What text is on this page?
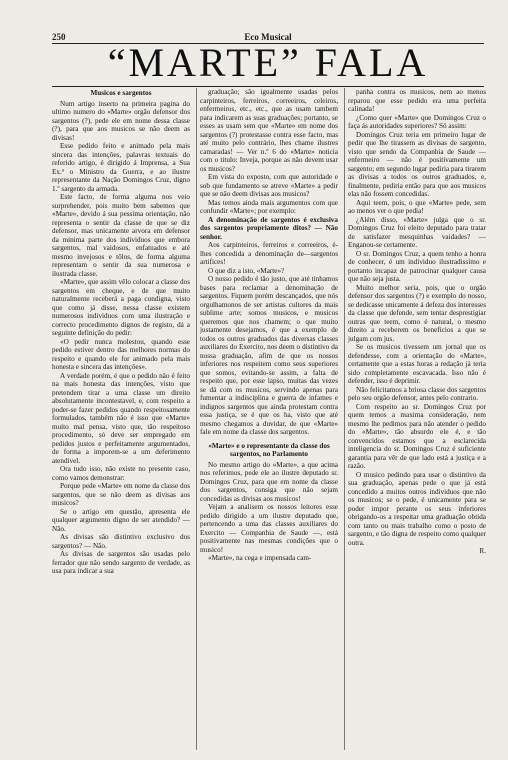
250	Eco Musical
“MARTE” FALA

Musicos e sargentos

Num artigo inserto na primeira pagina do ultimo numero do «Marte» orgão defensor dos sargentos (?), pede ele em nome dessa classe (?), para que aos musicos se não deem as divisas!

Esse pedido feito e animado pela mais sincera das intenções, palavras textuais do referido artigo, é dirigido á Imprensa, a Sua Ex.ª o Ministro da Guerra, e ao ilustre representante da Nação Domingos Cruz, digno 1.º sargento da armada.

Este facto, de forma alguma nos veio surprehender, pois muito bem sabemos que «Marte», devido á sua pessima orientação, não representa o sentir da classe de que se diz defensor, mas unicamente arvora em defensor da minima parte dos individuos que embora sargentos, mal vaidosos, enfatuados e até mesmo invejosos e tôlos, de forma alguma representam o sentir da sua numerosa e ilustrada classe.

«Marte», que assim vêlo colocar a classe dos sargentos em cheque, e de que muito naturalmente receberá a paga condigna, visto que como já disse, nessa classe existem numerosos individuos com uma ilustração e correcto procedimento dignos de registo, dá a seguinte definição do pedir:

«O pedir nunca molestou, quando esse pedido estiver dentro das melhores normas do respeito e quando ele for animado pela mais honesta e sincera das intenções».

A verdade porém, é que o pedido não é feito na mais honesta das intenções, visto que pretendem tirar a uma classe um direito absolutamente incontestavel, e, com respeito a poder-se fazer pedidos quando respeitosamente formulados, também não é isso que «Marte» muito mal pensa, visto que, tão respeitoso procedimento, só deve ser empregado em pedidos justos e perfeitamente argumentados, de forma a imporem-se a um deferimento atendivel.

Ora tudo isso, não existe no presente caso, como vamos demonstrar:

Porque pede «Marte» em nome da classe dos sargentos, que se não deem as divisas aos musicos?

Se o artigo em questão, apresenta ele qualquer argumento digno de ser atendido? — Não.

As divisas são distintivo exclusivo dos sargentos? — Não.

As divisas de sargentos são usadas pelo ferrador que não sendo sargento de verdade, as usa para indicar a sua

graduação; são igualmente usadas pelos carpinteiros, ferreiros, correeiros, celeiros, enfermeiros, etc., etc., que as usam tambem para indicarem as suas graduações; portanto, se esses as usam sem que «Marte» em nome dos sargentos (?) protestasse contra esse facto, mas até muito pelo contrário, lhes chame ilustres camaradas! — Ver n.º 6 do «Marte» noticia com o titulo: Inveja, porque as não devem usar os musicos?

Em vista do exposto, com que autoridade e sob que fundamento se atreve «Marte» a pedir que se não deem divisas aos musicos?

Mas temos ainda mais argumentos com que confundir «Marte»; por exemplo:

A denominação de sargentos é exclusiva dos sargentos propriamente ditos? — Não senhor.

Aos carpinteiros, ferreiros e correeiros, é-lhes concedida a denominação de—sargentos artifices!

O que diz a isto, «Marte»?

O nosso pedido é tão justo, que até tinhamos bases para reclamar a denominação de sargentos. Fiquem porém descançados, que nós orgulhamonos de ser artistas cultores da mais sublime arte; somos musicos, e musicos queremos que nos chamem; o que muito justamente desejamos, é que a exemplo de todos os outros graduados das diversas classes auxiliares do Exercito, nos deem o distintivo da nossa graduação, afim de que os nossos inferiores nos respeitem como seus superiores que somos, evitando-se assim, a falta de respeito que, por esse lapso, muitas das vezes se dá com os musicos, servindo apenas para fumentar a indisciplina e guerra de infames e indignos sargentos que ainda protestam contra essa justiça, se é que os ha, visto que até mesmo chegamos a duvidar, de que «Marte» fale em nome da classe dos sargentos.

«Marte» e o representante da classe dos sargentos, no Parlamento

No mesmo artigo do «Marte», a que acima nos referimos, pede ele ao ilustre deputado sr. Domingos Cruz, para que em nome da classe dos sargentos, consiga que não sejam concedidas as divisas aos musicos!

Vejam a analisem os nossos leitores esse pedido dirigido a um ilustre deputado que, pertencendo a uma das classes auxiliares do Exercito — Companhia de Saude —, está positivamente nas mesmas condições que o musico!

«Marte», na cega e impensada cam-

panha contra os musicos, nem ao menos reparou que esse pedido era uma perfeita calinada!

¿Como quer «Marte» que Domingos Cruz o faça ás autoridades superiores? Só assim:

Domingos Cruz teria em primeiro lugar de pedir que lhe tirassem as divisas de sargento, visto que sendo da Companhia de Saude — enfermeiro — não é positivamente um sargento; em segundo lugar pediria para tirarem as divisas a todos os outros graduados, e, finalmente, pediria então para que aos musicos elas não fossem concedidas.

Aqui teem, pois, o que «Marte» pede, sem ao menos ver o que pedia!

¿Além disso, «Marte» julga que o sr. Domingos Cruz foi eleito deputado para tratar de satisfazer mesquinhas vaidades? — Enganou-se certamente.

O sr. Domingos Cruz, a quem tenho a honra de conhecer, é um individuo ilustradissimo e portanto incapaz de patrocinar qualquer causa que não seja justa.

Muito melhor seria, pois, que o orgão defensor dos sargentos (?) e exemplo do nosso, se dedicasse unicamente á defeza dos interesses da classe que defende, sem tentar desprestigiar outras que teem, como é natural, o mesmo direito a receberem os beneficios a que se julgam com jus.

Se os musicos tivessem um jornal que os defendesse, com a orientação do «Marte», certamente que a estas horas a redação já teria sido completamente escavacada. Isso não é defender, isso é deprimir.

Não felicitamos a briosa classe dos sargentos pelo seu orgão defensor, antes pelo contrario.

Com respeito ao sr. Domingos Cruz por quem temos a maxima consideração, nem mesmo lhe pedimos para não atender o pedido do «Marte», tão absurdo ele é, e tão convencidos estamos que a esclarecida inteligencia do sr. Domingos Cruz é suficiente garantia para vêr de que lado está a justiça e a razão.

O musico pedindo para usar o distintivo da sua graduação, apenas pede o que já está concedido a muitos outros individuos que não os musicos; se o pede, é unicamente para se poder impor perante os seus inferiores obrigando-os a respeitar uma graduação obtida com tanto ou mais trabalho como o posto de sargento, e tão digna de respeito como qualquer outra.

R.
